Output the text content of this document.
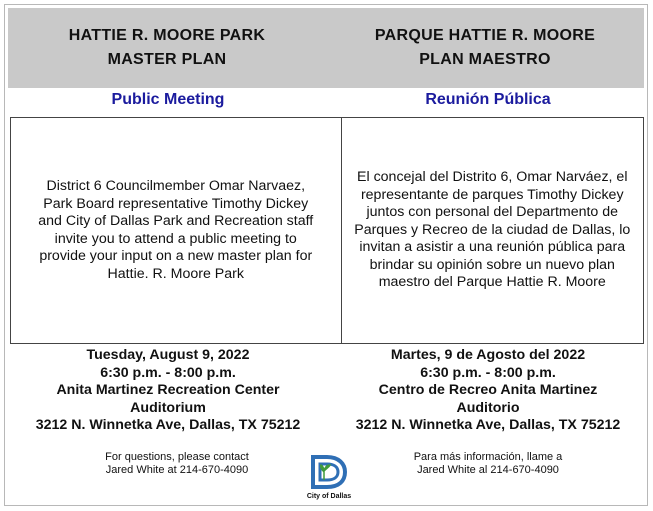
HATTIE R. MOORE PARK
MASTER PLAN
PARQUE HATTIE R. MOORE
PLAN MAESTRO
Public Meeting	Reunión Pública

District 6 Councilmember Omar Narvaez, Park Board representative Timothy Dickey and City of Dallas Park and Recreation staff invite you to attend a public meeting to provide your input on a new master plan for Hattie. R. Moore Park

El concejal del Distrito 6, Omar Narváez, el representante de parques Timothy Dickey juntos con personal del Departmento de Parques y Recreo de la ciudad de Dallas, lo invitan a asistir a una reunión pública para brindar su opinión sobre un nuevo plan maestro del Parque Hattie R. Moore

Tuesday, August 9, 2022
6:30 p.m. - 8:00 p.m.
Anita Martinez Recreation Center
Auditorium
3212 N. Winnetka Ave, Dallas, TX 75212
Martes, 9 de Agosto del 2022
6:30 p.m. - 8:00 p.m.
Centro de Recreo Anita Martinez
Auditorio
3212 N. Winnetka Ave, Dallas, TX 75212
For questions, please contact
Jared White at 214-670-4090
City of Dallas
Para más información, llame a
Jared White al 214-670-4090
